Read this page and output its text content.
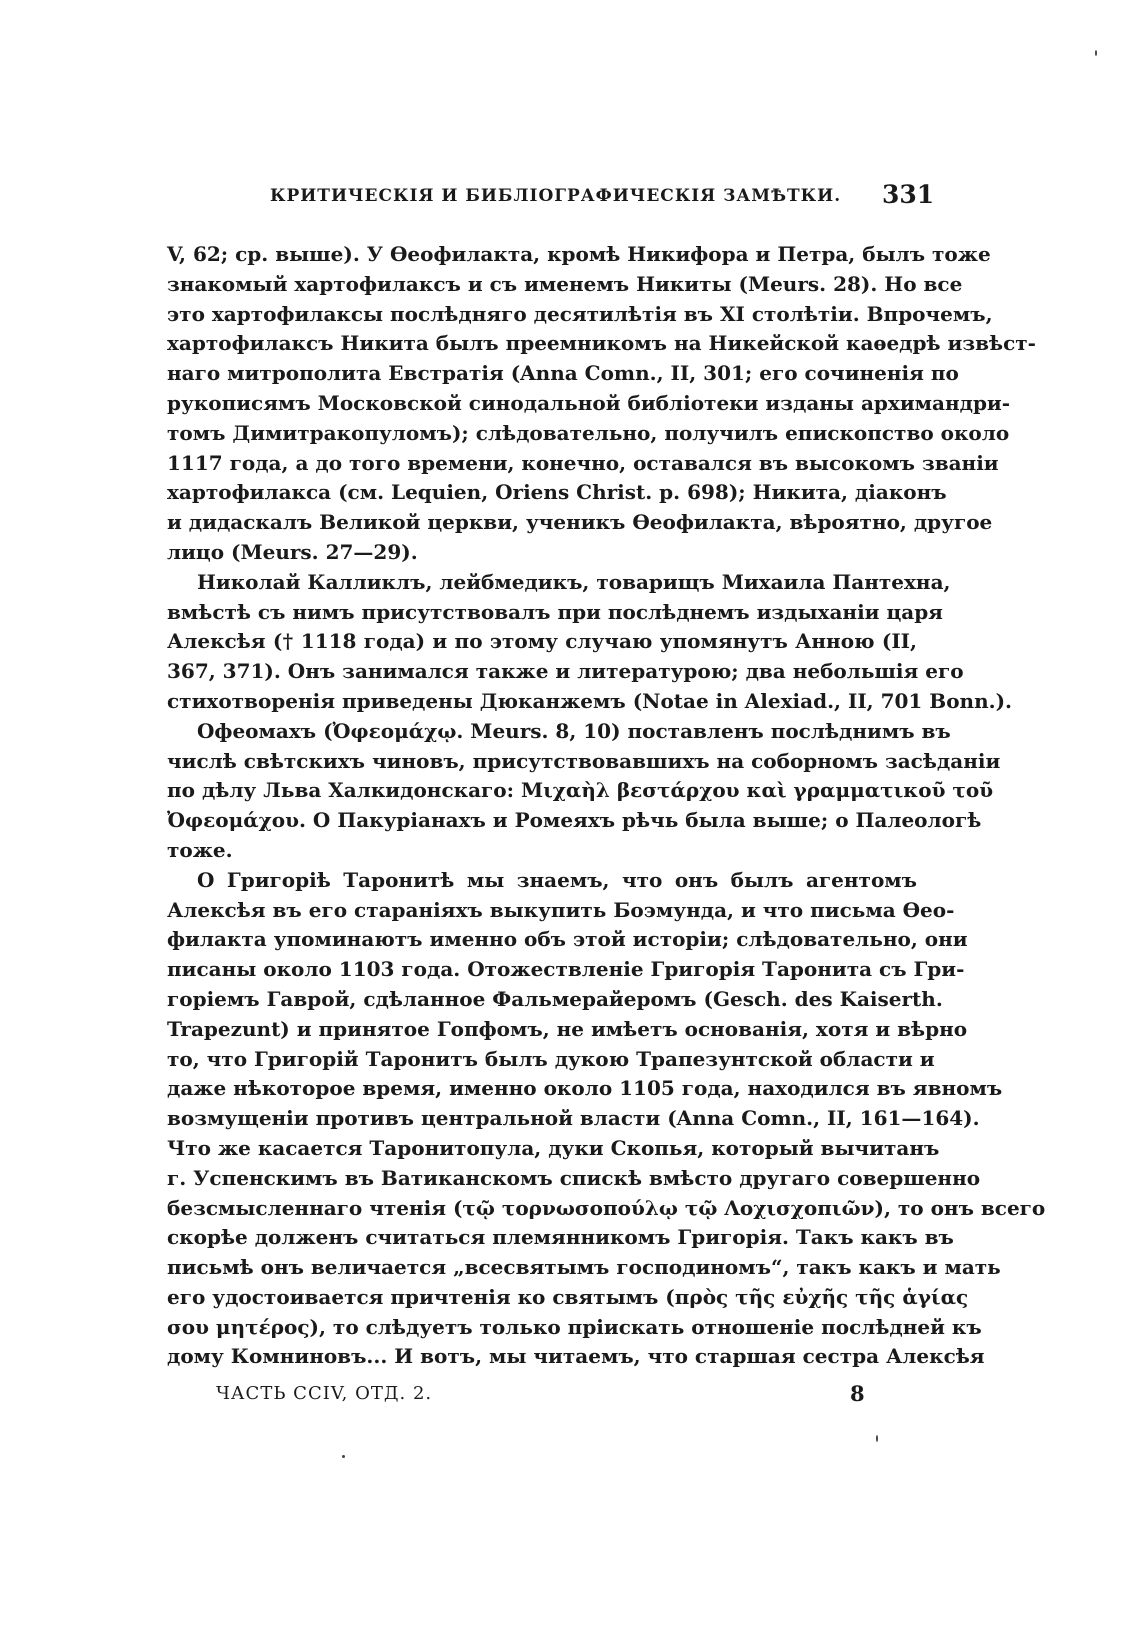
КРИТИЧЕСКІЯ И БИБЛІОГРАФИЧЕСКІЯ ЗАМѢТКИ. 331
V, 62; ср. выше). У Өеофилакта, кромѣ Никифора и Петра, былъ тоже
знакомый хартофилаксъ и съ именемъ Никиты (Meurs. 28). Но все
это хартофилаксы послѣдняго десятилѣтія въ XI столѣтіи. Впрочемъ,
хартофилаксъ Никита былъ преемникомъ на Никейской каѳедрѣ извѣст-
наго митрополита Евстратія (Anna Comn., II, 301; его сочиненія по
рукописямъ Московской синодальной библіотеки изданы архимандри-
томъ Димитракопуломъ); слѣдовательно, получилъ епископство около
1117 года, а до того времени, конечно, оставался въ высокомъ званіи
хартофилакса (см. Lequien, Oriens Christ. p. 698); Никита, діаконъ
и дидаскалъ Великой церкви, ученикъ Өеофилакта, вѣроятно, другое
лицо (Meurs. 27—29).
Николай Калликлъ, лейбмедикъ, товарищъ Михаила Пантехна,
вмѣстѣ съ нимъ присутствовалъ при послѣднемъ издыханіи царя
Алексѣя († 1118 года) и по этому случаю упомянутъ Анною (II,
367, 371). Онъ занимался также и литературою; два небольшія его
стихотворенія приведены Дюканжемъ (Notae in Alexiad., II, 701 Bonn.).
Офеомахъ (Ὀφεομάχῳ. Meurs. 8, 10) поставленъ послѣднимъ въ
числѣ свѣтскихъ чиновъ, присутствовавшихъ на соборномъ засѣданіи
по дѣлу Льва Халкидонскаго: Μιχαὴλ βεστάρχου καὶ γραμματικοῦ τοῦ
Ὀφεομάχου. О Пакуріанахъ и Ромеяхъ рѣчь была выше; о Палеологѣ
тоже.
О Григоріѣ Таронитѣ мы знаемъ, что онъ былъ агентомъ
Алексѣя въ его стараніяхъ выкупить Боэмунда, и что письма Өео-
филакта упоминаютъ именно объ этой исторіи; слѣдовательно, они
писаны около 1103 года. Отожествленіе Григорія Таронита съ Гри-
горіемъ Гаврой, сдѣланное Фальмерайеромъ (Gesch. des Kaiserth.
Trapezunt) и принятое Гопфомъ, не имѣетъ основанія, хотя и вѣрно
то, что Григорій Таронитъ былъ дукою Трапезунтской области и
даже нѣкоторое время, именно около 1105 года, находился въ явномъ
возмущеніи противъ центральной власти (Anna Comn., II, 161—164).
Что же касается Таронитопула, дуки Скопья, который вычитанъ
г. Успенскимъ въ Ватиканскомъ спискѣ вмѣсто другаго совершенно
безсмысленнаго чтенія (τῷ τορνωσοπούλῳ τῷ Λοχισχοπιῶν), то онъ всего
скорѣе долженъ считаться племянникомъ Григорія. Такъ какъ въ
письмѣ онъ величается „всесвятымъ господиномъ“, такъ какъ и мать
его удостоивается причтенія ко святымъ (πρὸς τῆς εὐχῆς τῆς ἁγίας
σου μητέρος), то слѣдуетъ только пріискать отношеніе послѣдней къ
дому Комниновъ... И вотъ, мы читаемъ, что старшая сестра Алексѣя
ЧАСТЬ CCIV, ОТД. 2.	8
